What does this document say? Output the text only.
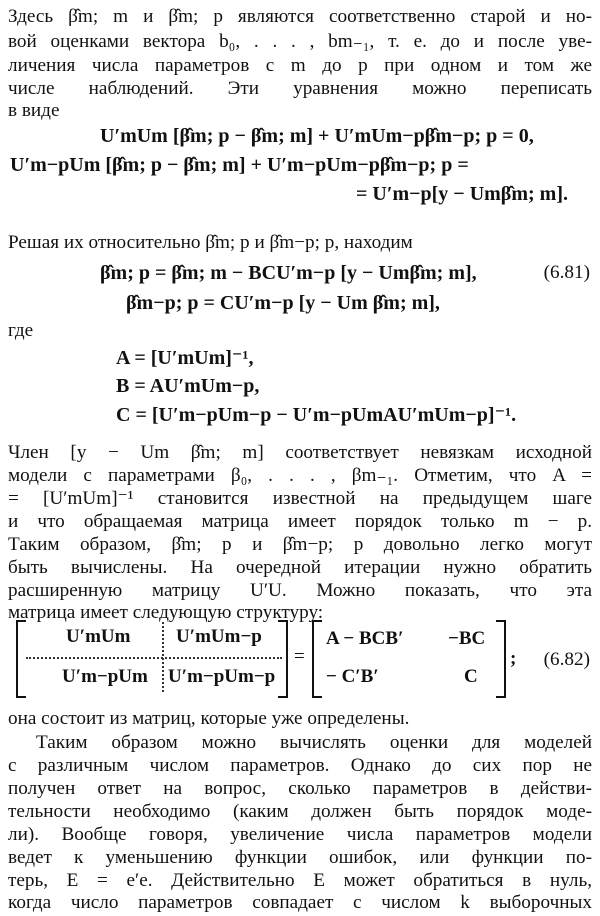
Здесь β̂m; m и β̂m; p являются соответственно старой и но-
вой оценками вектора b₀, . . . , bm₋₁, т. е. до и после уве-
личения числа параметров с m до p при одном и том же
числе наблюдений. Эти уравнения можно переписать
в виде
U′mUm [β̂m; p − β̂m; m] + U′mUm−pβ̂m−p; p = 0,
U′m−pUm [β̂m; p − β̂m; m] + U′m−pUm−pβ̂m−p; p =
= U′m−p[y − Umβ̂m; m].
Решая их относительно β̂m; p и β̂m−p; p, находим
β̂m; p = β̂m; m − BCU′m−p [y − Umβ̂m; m],	(6.81)
β̂m−p; p = CU′m−p [y − Um β̂m; m],
где
A = [U′mUm]⁻¹,
B = AU′mUm−p,
C = [U′m−pUm−p − U′m−pUmAU′mUm−p]⁻¹.
Член [y − Um β̂m; m] соответствует невязкам исходной
модели с параметрами β₀, . . . , βm₋₁. Отметим, что A =
= [U′mUm]⁻¹ становится известной на предыдущем шаге
и что обращаемая матрица имеет порядок только m − p.
Таким образом, β̂m; p и β̂m−p; p довольно легко могут
быть вычислены. На очередной итерации нужно обратить
расширенную матрицу U′U. Можно показать, что эта
матрица имеет следующую структуру:
U′mUm U′mUm−p
U′m−pUm U′m−pUm−p
=
A − BCB′ −BC
− C′B′	C
; (6.82)
она состоит из матриц, которые уже определены.
Таким образом можно вычислять оценки для моделей
с различным числом параметров. Однако до сих пор не
получен ответ на вопрос, сколько параметров в действи-
тельности необходимо (каким должен быть порядок моде-
ли). Вообще говоря, увеличение числа параметров модели
ведет к уменьшению функции ошибок, или функции по-
терь, E = e′e. Действительно E может обратиться в нуль,
когда число параметров совпадает с числом k выборочных
